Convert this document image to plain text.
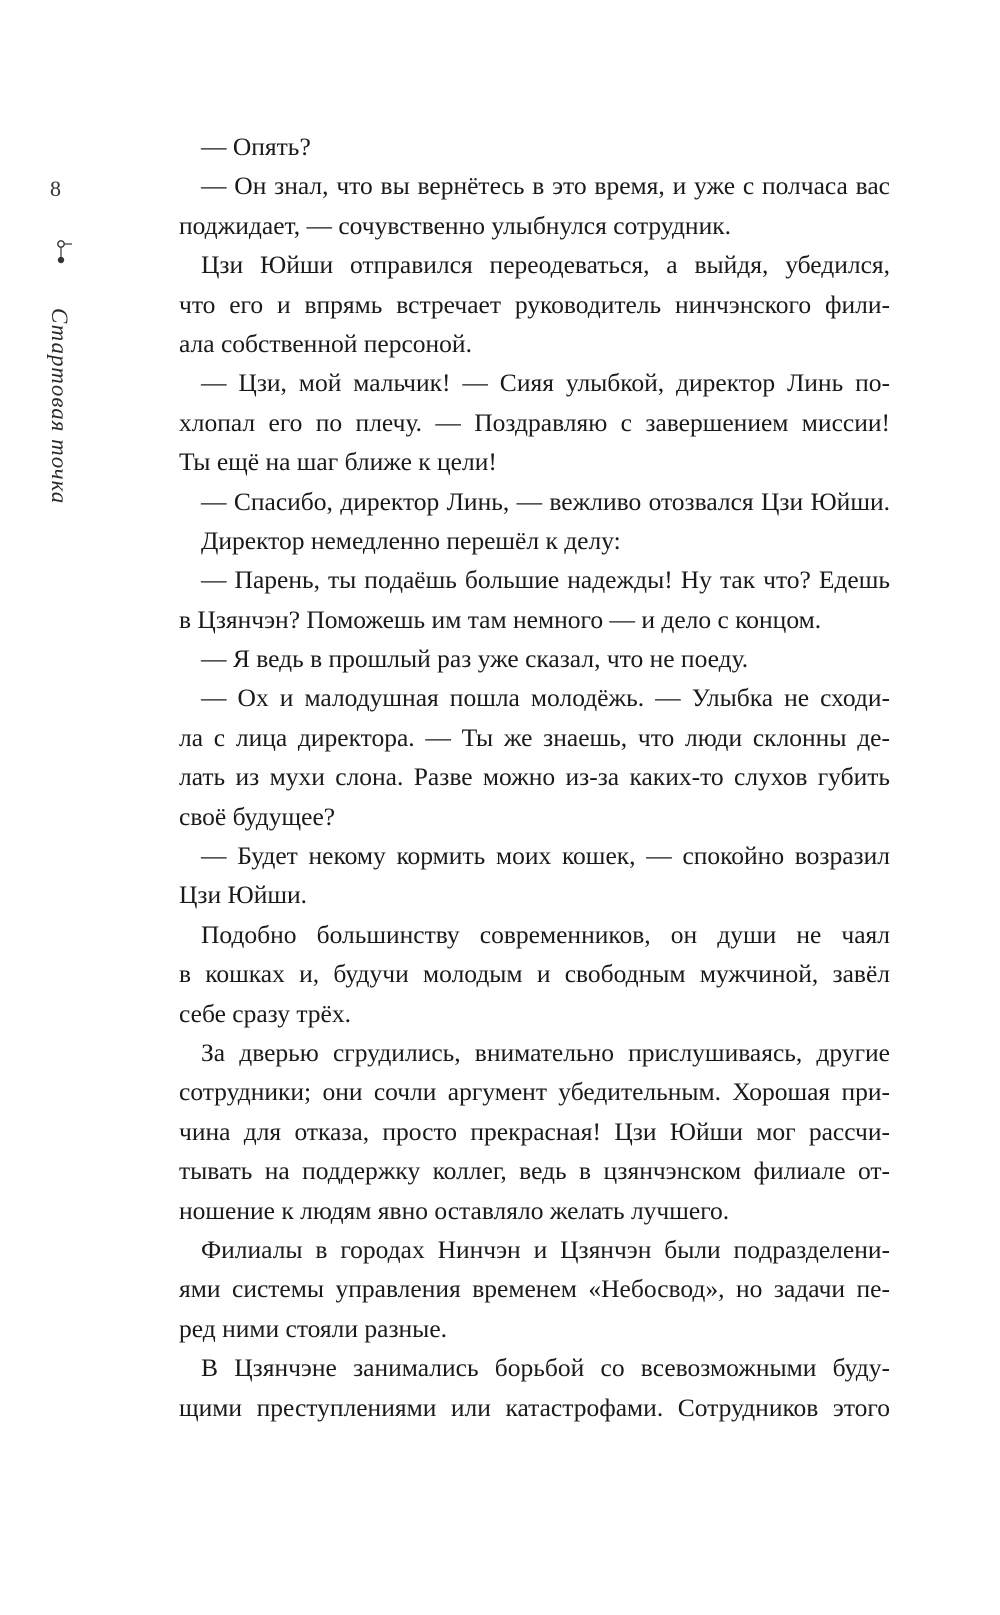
8
Стартовая точка
— Опять?
— Он знал, что вы вернётесь в это время, и уже с полчаса вас
поджидает, — сочувственно улыбнулся сотрудник.
Цзи Юйши отправился переодеваться, а выйдя, убедился,
что его и впрямь встречает руководитель нинчэнского фили-
ала собственной персоной.
— Цзи, мой мальчик! — Сияя улыбкой, директор Линь по-
хлопал его по плечу. — Поздравляю с завершением миссии!
Ты ещё на шаг ближе к цели!
— Спасибо, директор Линь, — вежливо отозвался Цзи Юйши.
Директор немедленно перешёл к делу:
— Парень, ты подаёшь большие надежды! Ну так что? Едешь
в Цзянчэн? Поможешь им там немного — и дело с концом.
— Я ведь в прошлый раз уже сказал, что не поеду.
— Ох и малодушная пошла молодёжь. — Улыбка не сходи-
ла с лица директора. — Ты же знаешь, что люди склонны де-
лать из мухи слона. Разве можно из-за каких-то слухов губить
своё будущее?
— Будет некому кормить моих кошек, — спокойно возразил
Цзи Юйши.
Подобно большинству современников, он души не чаял
в кошках и, будучи молодым и свободным мужчиной, завёл
себе сразу трёх.
За дверью сгрудились, внимательно прислушиваясь, другие
сотрудники; они сочли аргумент убедительным. Хорошая при-
чина для отказа, просто прекрасная! Цзи Юйши мог рассчи-
тывать на поддержку коллег, ведь в цзянчэнском филиале от-
ношение к людям явно оставляло желать лучшего.
Филиалы в городах Нинчэн и Цзянчэн были подразделени-
ями системы управления временем «Небосвод», но задачи пе-
ред ними стояли разные.
В Цзянчэне занимались борьбой со всевозможными буду-
щими преступлениями или катастрофами. Сотрудников этого
